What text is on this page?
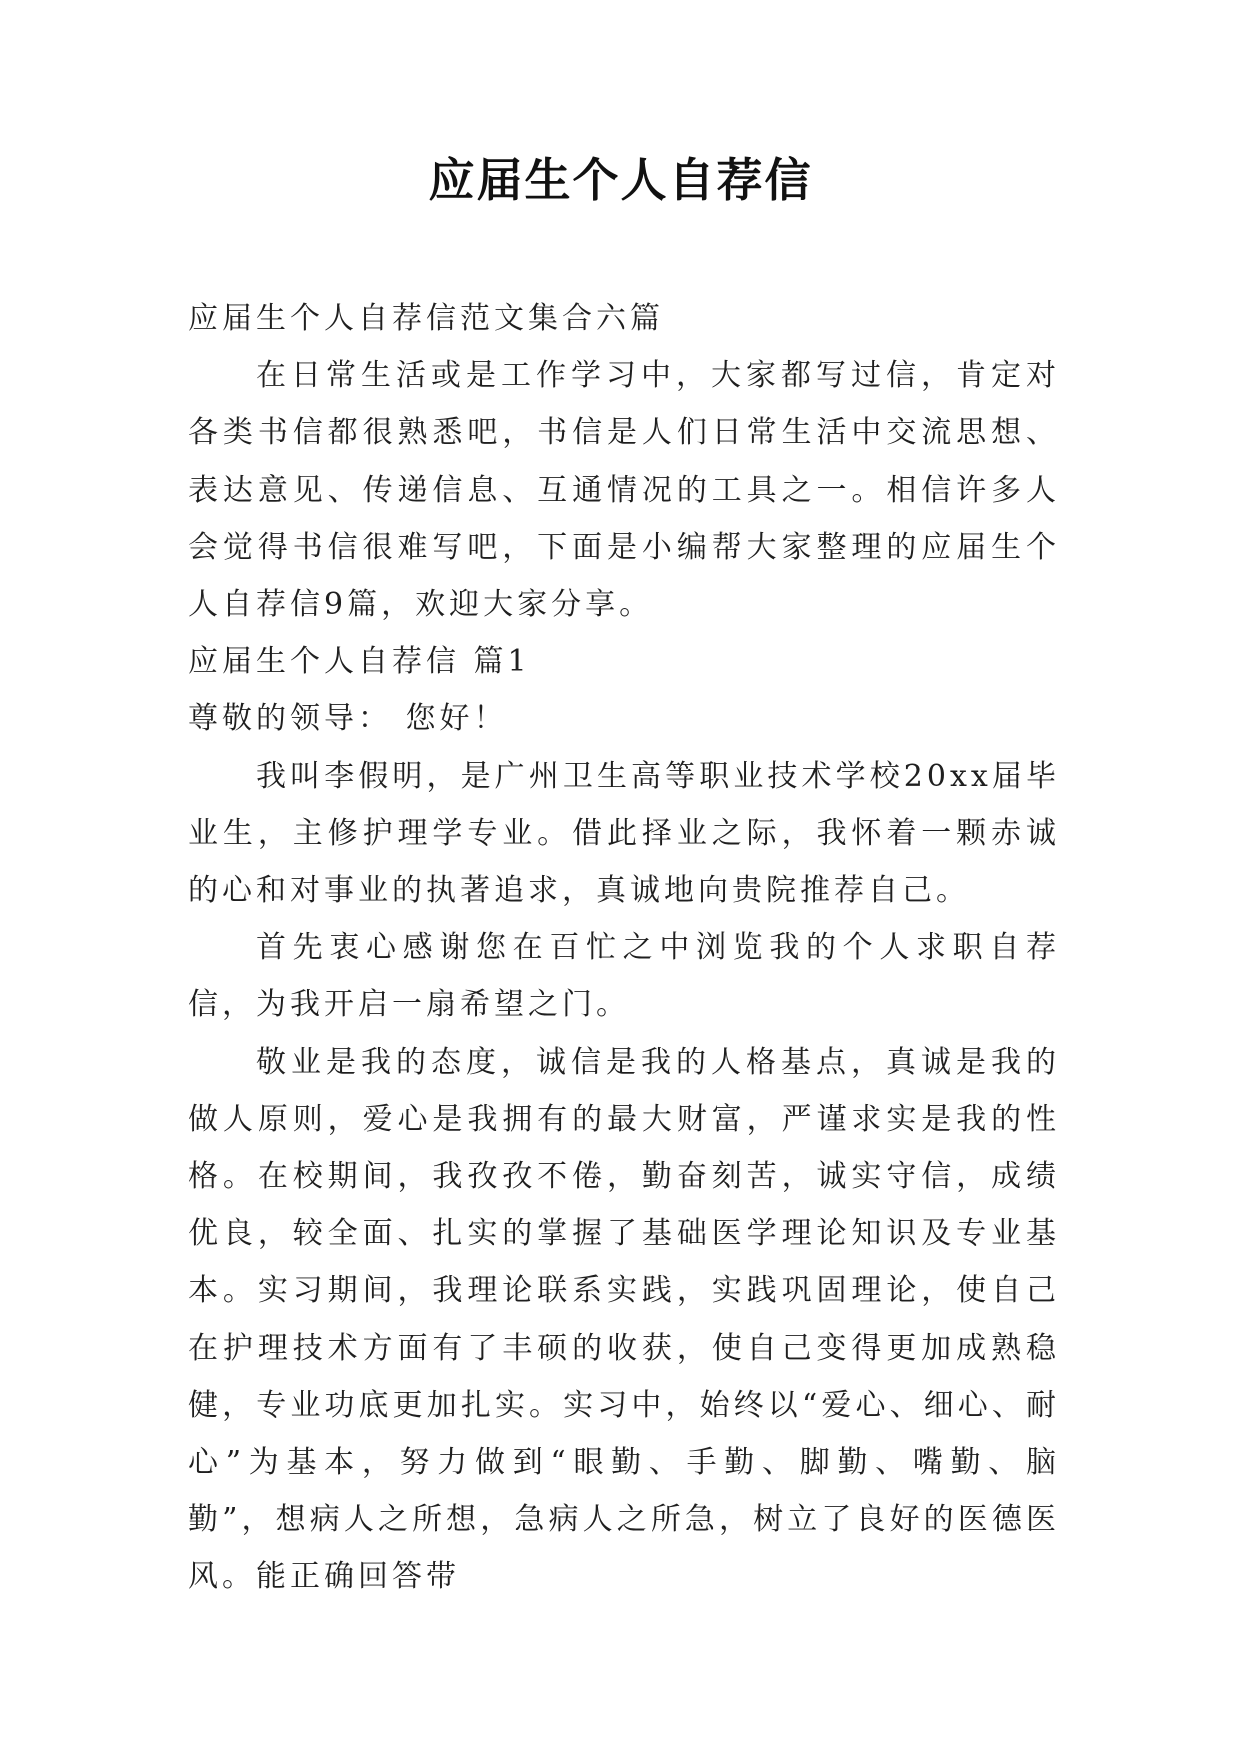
应届生个人自荐信

应届生个人自荐信范文集合六篇

在日常生活或是工作学习中，大家都写过信，肯定对各类书信都很熟悉吧，书信是人们日常生活中交流思想、表达意见、传递信息、互通情况的工具之一。相信许多人会觉得书信很难写吧，下面是小编帮大家整理的应届生个人自荐信9篇，欢迎大家分享。

应届生个人自荐信 篇1

尊敬的领导： 您好！

我叫李假明，是广州卫生高等职业技术学校20xx届毕业生，主修护理学专业。借此择业之际，我怀着一颗赤诚的心和对事业的执著追求，真诚地向贵院推荐自己。

首先衷心感谢您在百忙之中浏览我的个人求职自荐信，为我开启一扇希望之门。

敬业是我的态度，诚信是我的人格基点，真诚是我的做人原则，爱心是我拥有的最大财富，严谨求实是我的性格。在校期间，我孜孜不倦，勤奋刻苦，诚实守信，成绩优良，较全面、扎实的掌握了基础医学理论知识及专业基本。实习期间，我理论联系实践，实践巩固理论，使自己在护理技术方面有了丰硕的收获，使自己变得更加成熟稳健，专业功底更加扎实。实习中，始终以“爱心、细心、耐心”为基本，努力做到“眼勤、手勤、脚勤、嘴勤、脑勤”，想病人之所想，急病人之所急，树立了良好的医德医风。能正确回答带
